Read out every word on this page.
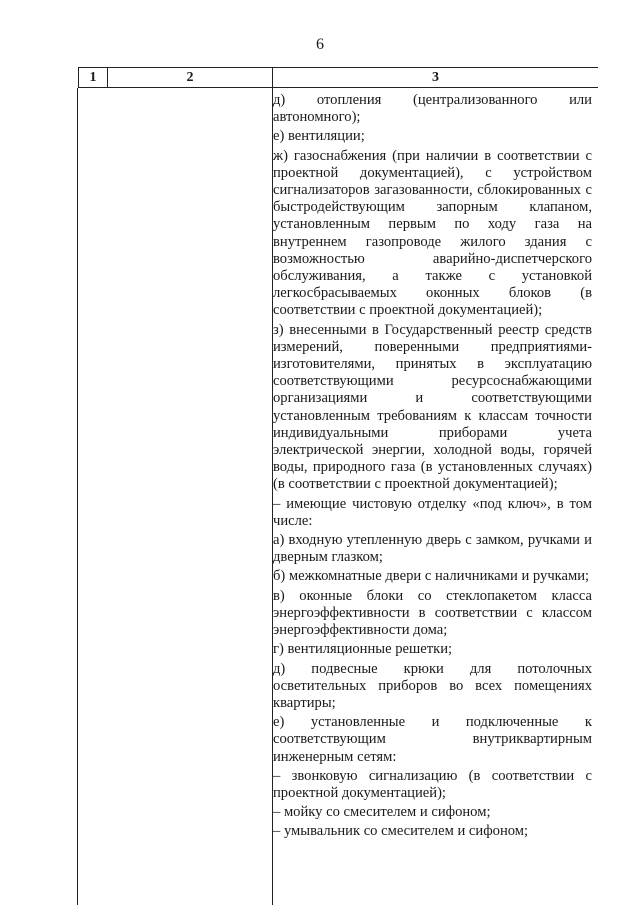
6
1	2	3

д) отопления (централизованного или автономного);

е) вентиляции;

ж) газоснабжения (при наличии в соответствии с проектной документацией), с устройством сигнализаторов загазованности, сблокированных с быстродействующим запорным клапаном, установленным первым по ходу газа на внутреннем газопроводе жилого здания с возможностью аварийно-диспетчерского обслуживания, а также с установкой легкосбрасываемых оконных блоков (в соответствии с проектной документацией);

з) внесенными в Государственный реестр средств измерений, поверенными предприятиями-изготовителями, принятых в эксплуатацию соответствующими ресурсоснабжающими организациями и соответствующими установленным требованиям к классам точности индивидуальными приборами учета электрической энергии, холодной воды, горячей воды, природного газа (в установленных случаях) (в соответствии с проектной документацией);

– имеющие чистовую отделку «под ключ», в том числе:

а) входную утепленную дверь с замком, ручками и дверным глазком;

б) межкомнатные двери с наличниками и ручками;

в) оконные блоки со стеклопакетом класса энергоэффективности в соответствии с классом энергоэффективности дома;

г) вентиляционные решетки;

д) подвесные крюки для потолочных осветительных приборов во всех помещениях квартиры;

е) установленные и подключенные к соответствующим внутриквартирным инженерным сетям:

– звонковую сигнализацию (в соответствии с проектной документацией);

– мойку со смесителем и сифоном;

– умывальник со смесителем и сифоном;
